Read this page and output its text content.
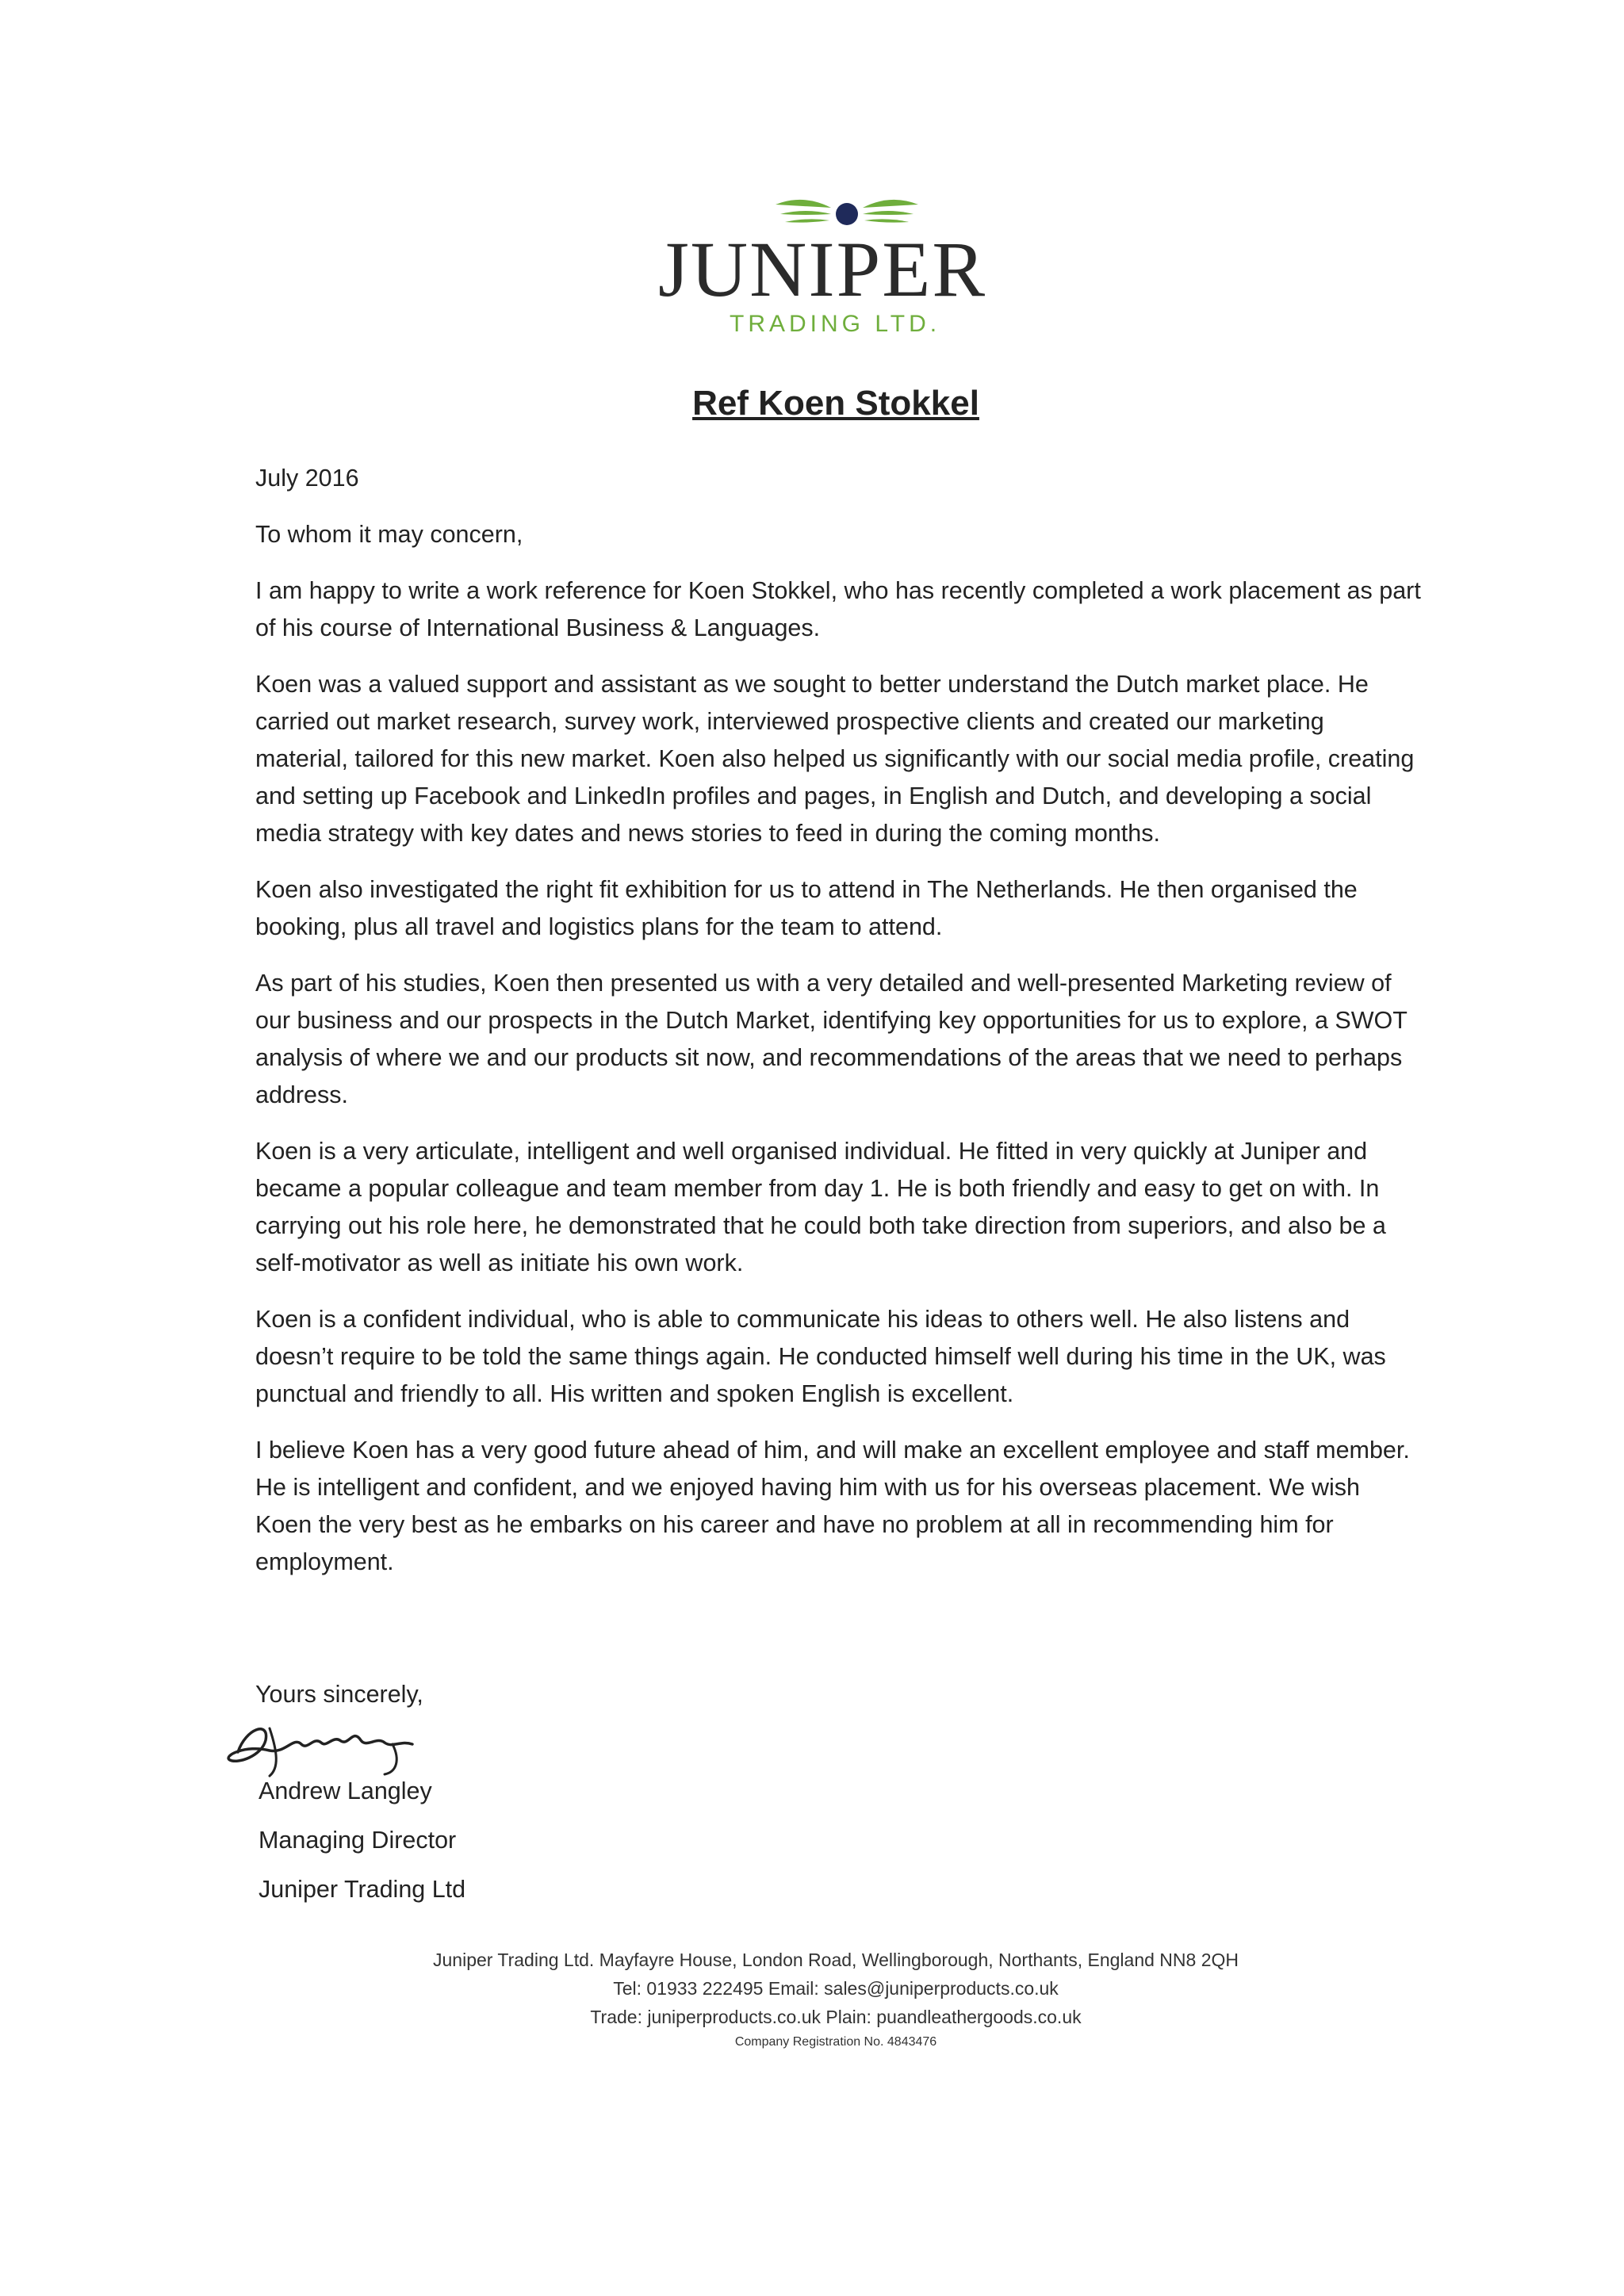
JUNIPER
TRADING LTD.
Ref Koen Stokkel

July 2016

To whom it may concern,

I am happy to write a work reference for Koen Stokkel, who has recently completed a work placement as part of his course of International Business & Languages.

Koen was a valued support and assistant as we sought to better understand the Dutch market place. He carried out market research, survey work, interviewed prospective clients and created our marketing material, tailored for this new market. Koen also helped us significantly with our social media profile, creating and setting up Facebook and LinkedIn profiles and pages, in English and Dutch, and developing a social media strategy with key dates and news stories to feed in during the coming months.

Koen also investigated the right fit exhibition for us to attend in The Netherlands. He then organised the booking, plus all travel and logistics plans for the team to attend.

As part of his studies, Koen then presented us with a very detailed and well-presented Marketing review of our business and our prospects in the Dutch Market, identifying key opportunities for us to explore, a SWOT analysis of where we and our products sit now, and recommendations of the areas that we need to perhaps address.

Koen is a very articulate, intelligent and well organised individual. He fitted in very quickly at Juniper and became a popular colleague and team member from day 1. He is both friendly and easy to get on with. In carrying out his role here, he demonstrated that he could both take direction from superiors, and also be a self-motivator as well as initiate his own work.

Koen is a confident individual, who is able to communicate his ideas to others well. He also listens and doesn’t require to be told the same things again. He conducted himself well during his time in the UK, was punctual and friendly to all. His written and spoken English is excellent.

I believe Koen has a very good future ahead of him, and will make an excellent employee and staff member. He is intelligent and confident, and we enjoyed having him with us for his overseas placement. We wish Koen the very best as he embarks on his career and have no problem at all in recommending him for employment.

Yours sincerely,
Andrew Langley
Managing Director
Juniper Trading Ltd
Juniper Trading Ltd. Mayfayre House, London Road, Wellingborough, Northants, England NN8 2QH
Tel: 01933 222495 Email: sales@juniperproducts.co.uk
Trade: juniperproducts.co.uk Plain: puandleathergoods.co.uk
Company Registration No. 4843476
